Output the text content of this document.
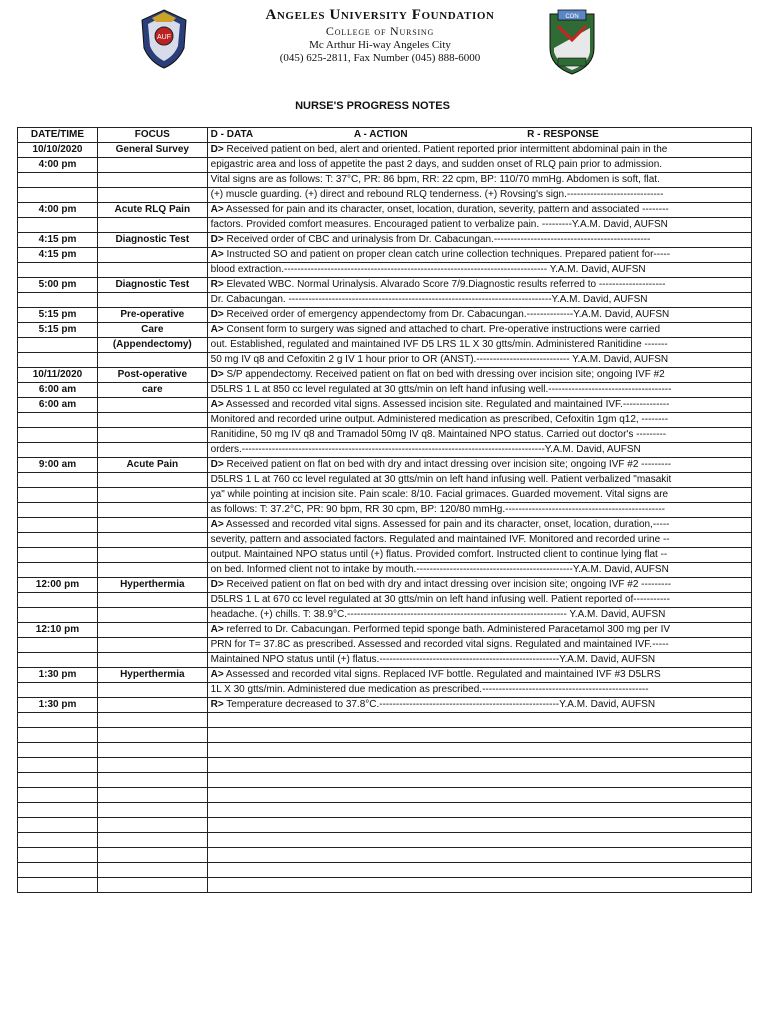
AUF
Angeles University Foundation
College of Nursing
Mc Arthur Hi-way Angeles City
(045) 625-2811, Fax Number (045) 888-6000
CON
NURSE'S PROGRESS NOTES
DATE/TIME	FOCUS	D - DATA A - ACTION R - RESPONSE
10/10/2020	General Survey	D> Received patient on bed, alert and oriented. Patient reported prior intermittent abdominal pain in the
4:00 pm		epigastric area and loss of appetite the past 2 days, and sudden onset of RLQ pain prior to admission.
		Vital signs are as follows: T: 37°C, PR: 86 bpm, RR: 22 cpm, BP: 110/70 mmHg. Abdomen is soft, flat.
		(+) muscle guarding. (+) direct and rebound RLQ tenderness. (+) Rovsing's sign.-----------------------------
4:00 pm	Acute RLQ Pain	A> Assessed for pain and its character, onset, location, duration, severity, pattern and associated --------
		factors. Provided comfort measures. Encouraged patient to verbalize pain. ---------Y.A.M. David, AUFSN
4:15 pm	Diagnostic Test	D> Received order of CBC and urinalysis from Dr. Cabacungan.-----------------------------------------------
4:15 pm		A> Instructed SO and patient on proper clean catch urine collection techniques. Prepared patient for-----
		blood extraction.------------------------------------------------------------------------------- Y.A.M. David, AUFSN
5:00 pm	Diagnostic Test	R> Elevated WBC. Normal Urinalysis. Alvarado Score 7/9.Diagnostic results referred to --------------------
		Dr. Cabacungan. -------------------------------------------------------------------------------Y.A.M. David, AUFSN
5:15 pm	Pre-operative	D> Received order of emergency appendectomy from Dr. Cabacungan.--------------Y.A.M. David, AUFSN
5:15 pm	Care	A> Consent form to surgery was signed and attached to chart. Pre-operative instructions were carried
	(Appendectomy)	out. Established, regulated and maintained IVF D5 LRS 1L X 30 gtts/min. Administered Ranitidine -------
		50 mg IV q8 and Cefoxitin 2 g IV 1 hour prior to OR (ANST).---------------------------- Y.A.M. David, AUFSN
10/11/2020	Post-operative	D> S/P appendectomy. Received patient on flat on bed with dressing over incision site; ongoing IVF #2
6:00 am	care	D5LRS 1 L at 850 cc level regulated at 30 gtts/min on left hand infusing well.-------------------------------------
6:00 am		A> Assessed and recorded vital signs. Assessed incision site. Regulated and maintained IVF.--------------
		Monitored and recorded urine output. Administered medication as prescribed, Cefoxitin 1gm q12, --------
		Ranitidine, 50 mg IV q8 and Tramadol 50mg IV q8. Maintained NPO status. Carried out doctor's ---------
		orders.-------------------------------------------------------------------------------------------Y.A.M. David, AUFSN
9:00 am	Acute Pain	D> Received patient on flat on bed with dry and intact dressing over incision site; ongoing IVF #2 ---------
		D5LRS 1 L at 760 cc level regulated at 30 gtts/min on left hand infusing well. Patient verbalized "masakit
		ya" while pointing at incision site. Pain scale: 8/10. Facial grimaces. Guarded movement. Vital signs are
		as follows: T: 37.2°C, PR: 90 bpm, RR 30 cpm, BP: 120/80 mmHg.------------------------------------------------
		A> Assessed and recorded vital signs. Assessed for pain and its character, onset, location, duration,-----
		severity, pattern and associated factors. Regulated and maintained IVF. Monitored and recorded urine --
		output. Maintained NPO status until (+) flatus. Provided comfort. Instructed client to continue lying flat --
		on bed. Informed client not to intake by mouth.-----------------------------------------------Y.A.M. David, AUFSN
12:00 pm	Hyperthermia	D> Received patient on flat on bed with dry and intact dressing over incision site; ongoing IVF #2 ---------
		D5LRS 1 L at 670 cc level regulated at 30 gtts/min on left hand infusing well. Patient reported of-----------
		headache. (+) chills. T: 38.9°C.------------------------------------------------------------------ Y.A.M. David, AUFSN
12:10 pm		A> referred to Dr. Cabacungan. Performed tepid sponge bath. Administered Paracetamol 300 mg per IV
		PRN for T= 37.8C as prescribed. Assessed and recorded vital signs. Regulated and maintained IVF.-----
		Maintained NPO status until (+) flatus.------------------------------------------------------Y.A.M. David, AUFSN
1:30 pm	Hyperthermia	A> Assessed and recorded vital signs. Replaced IVF bottle. Regulated and maintained IVF #3 D5LRS
		1L X 30 gtts/min. Administered due medication as prescribed.--------------------------------------------------
1:30 pm		R> Temperature decreased to 37.8°C.------------------------------------------------------Y.A.M. David, AUFSN
